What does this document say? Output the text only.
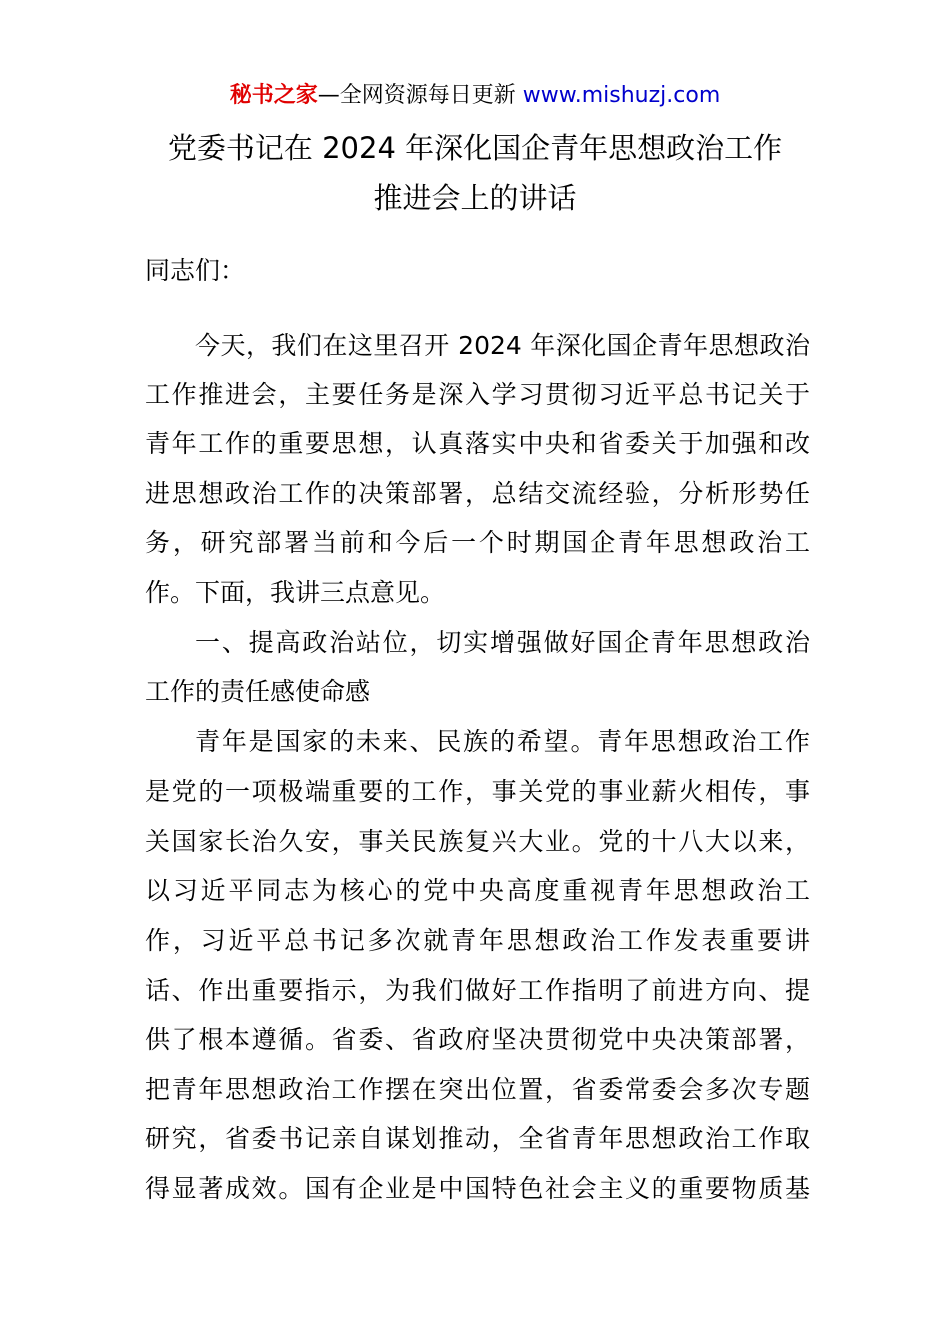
秘书之家—全网资源每日更新 www.mishuzj.com
党委书记在 2024 年深化国企青年思想政治工作
推进会上的讲话
同志们：
今天，我们在这里召开 2024 年深化国企青年思想政治
工作推进会，主要任务是深入学习贯彻习近平总书记关于
青年工作的重要思想，认真落实中央和省委关于加强和改
进思想政治工作的决策部署，总结交流经验，分析形势任
务，研究部署当前和今后一个时期国企青年思想政治工
作。下面，我讲三点意见。
一、提高政治站位，切实增强做好国企青年思想政治
工作的责任感使命感
青年是国家的未来、民族的希望。青年思想政治工作
是党的一项极端重要的工作，事关党的事业薪火相传，事
关国家长治久安，事关民族复兴大业。党的十八大以来，
以习近平同志为核心的党中央高度重视青年思想政治工
作，习近平总书记多次就青年思想政治工作发表重要讲
话、作出重要指示，为我们做好工作指明了前进方向、提
供了根本遵循。省委、省政府坚决贯彻党中央决策部署，
把青年思想政治工作摆在突出位置，省委常委会多次专题
研究，省委书记亲自谋划推动，全省青年思想政治工作取
得显著成效。国有企业是中国特色社会主义的重要物质基
